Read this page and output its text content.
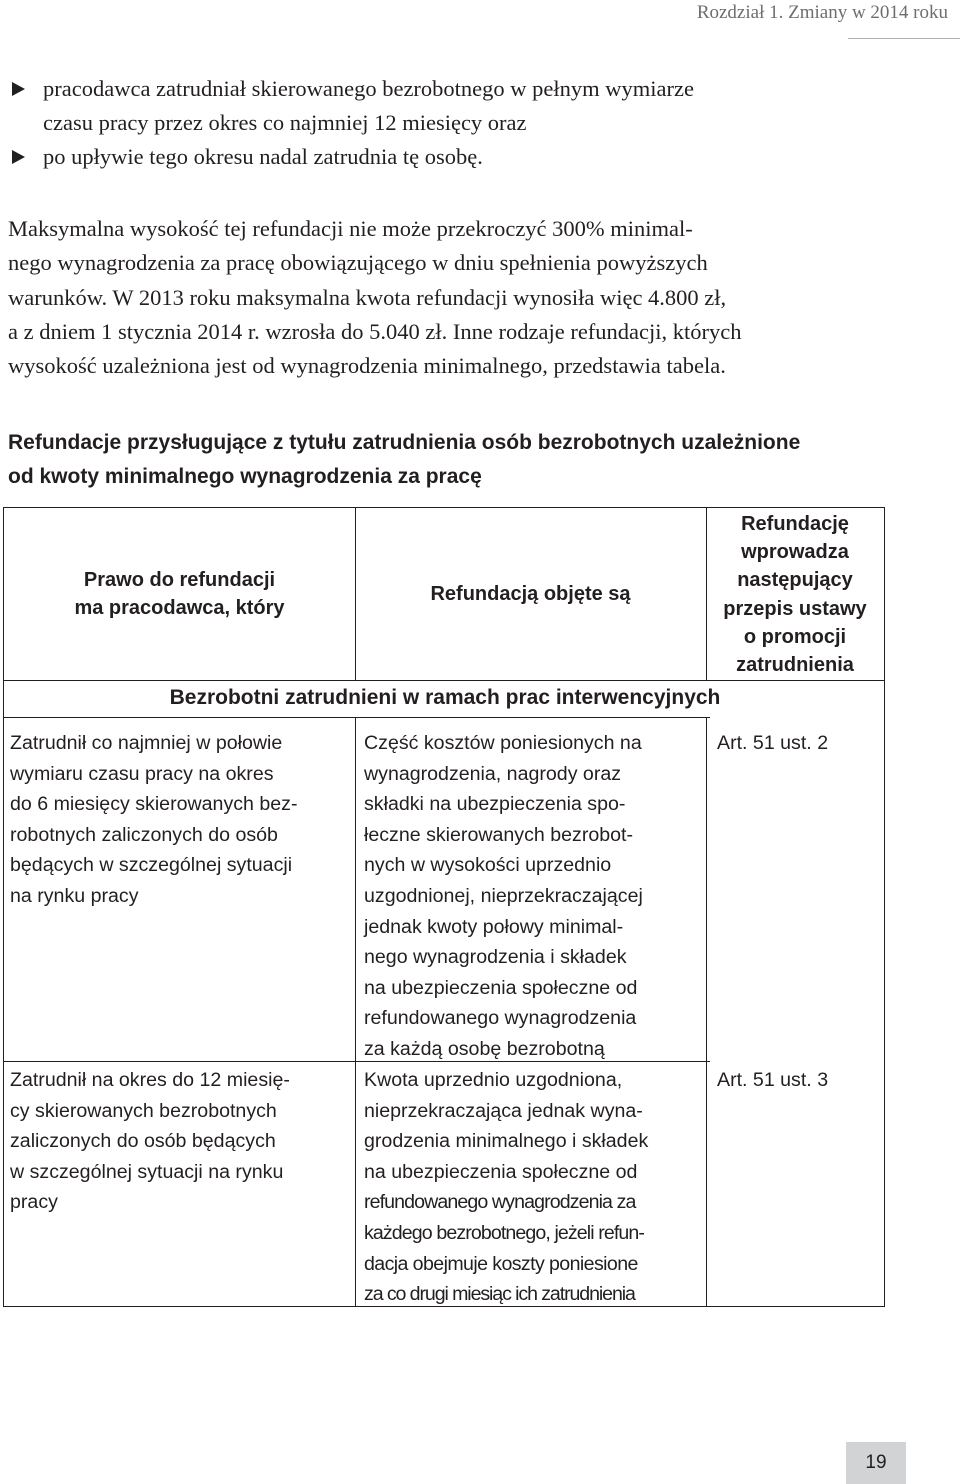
Rozdział 1. Zmiany w 2014 roku
pracodawca zatrudniał skierowanego bezrobotnego w pełnym wymiarze
czasu pracy przez okres co najmniej 12 miesięcy oraz
po upływie tego okresu nadal zatrudnia tę osobę.

Maksymalna wysokość tej refundacji nie może przekroczyć 300% minimal-
nego wynagrodzenia za pracę obowiązującego w dniu spełnienia powyższych
warunków. W 2013 roku maksymalna kwota refundacji wynosiła więc 4.800 zł,
a z dniem 1 stycznia 2014 r. wzrosła do 5.040 zł. Inne rodzaje refundacji, których
wysokość uzależniona jest od wynagrodzenia minimalnego, przedstawia tabela.

Refundacje przysługujące z tytułu zatrudnienia osób bezrobotnych uzależnione
od kwoty minimalnego wynagrodzenia za pracę
Prawo do refundacji
ma pracodawca, który
Refundacją objęte są
Refundację
wprowadza
następujący
przepis ustawy
o promocji
zatrudnienia
Bezrobotni zatrudnieni w ramach prac interwencyjnych
Zatrudnił co najmniej w połowie
wymiaru czasu pracy na okres
do 6 miesięcy skierowanych bez-
robotnych zaliczonych do osób
będących w szczególnej sytuacji
na rynku pracy
Część kosztów poniesionych na
wynagrodzenia, nagrody oraz
składki na ubezpieczenia spo-
łeczne skierowanych bezrobot-
nych w wysokości uprzednio
uzgodnionej, nieprzekraczającej
jednak kwoty połowy minimal-
nego wynagrodzenia i składek
na ubezpieczenia społeczne od
refundowanego wynagrodzenia
za każdą osobę bezrobotną
Art. 51 ust. 2
Zatrudnił na okres do 12 miesię-
cy skierowanych bezrobotnych
zaliczonych do osób będących
w szczególnej sytuacji na rynku
pracy
Kwota uprzednio uzgodniona,
nieprzekraczająca jednak wyna-
grodzenia minimalnego i składek
na ubezpieczenia społeczne od
refundowanego wynagrodzenia za
każdego bezrobotnego, jeżeli refun-
dacja obejmuje koszty poniesione
za co drugi miesiąc ich zatrudnienia
Art. 51 ust. 3
19
